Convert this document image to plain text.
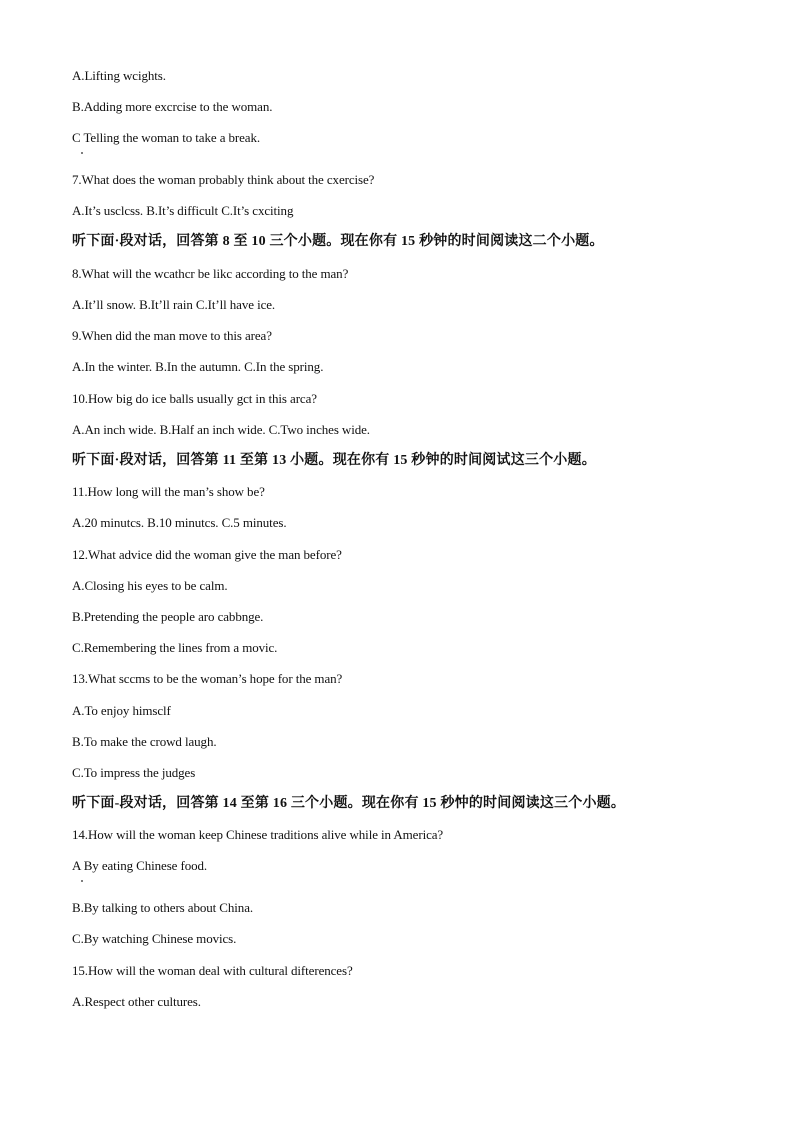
A.Lifting wcights.
B.Adding more excrcise to the woman.
C Telling the woman to take a break.
7.What does the woman probably think about the cxercise?
A.It’s usclcss. B.It’s difficult C.It’s cxciting
听下面·段对话，回答第 8 至 10 三个小题。现在你有 15 秒钟的时间阅读这二个小题。
8.What will the wcathcr be likc according to the man?
A.It’ll snow. B.It’ll rain C.It’ll have ice.
9.When did the man move to this area?
A.In the winter. B.In the autumn. C.In the spring.
10.How big do ice balls usually gct in this arca?
A.An inch wide. B.Half an inch wide. C.Two inches wide.
听下面·段对话，回答第 11 至第 13 小题。现在你有 15 秒钟的时间阅试这三个小题。
11.How long will the man’s show be?
A.20 minutcs. B.10 minutcs. C.5 minutes.
12.What advice did the woman give the man before?
A.Closing his eyes to be calm.
B.Pretending the people aro cabbnge.
C.Remembering the lines from a movic.
13.What sccms to be the woman’s hope for the man?
A.To enjoy himsclf
B.To make the crowd laugh.
C.To impress the judges
听下面-段对话，回答第 14 至第 16 三个小题。现在你有 15 秒忡的时间阅读这三个小题。
14.How will the woman keep Chinese traditions alive while in America?
A By eating Chinese food.
B.By talking to others about China.
C.By watching Chinese movics.
15.How will the woman deal with cultural difterences?
A.Respect other cultures.
